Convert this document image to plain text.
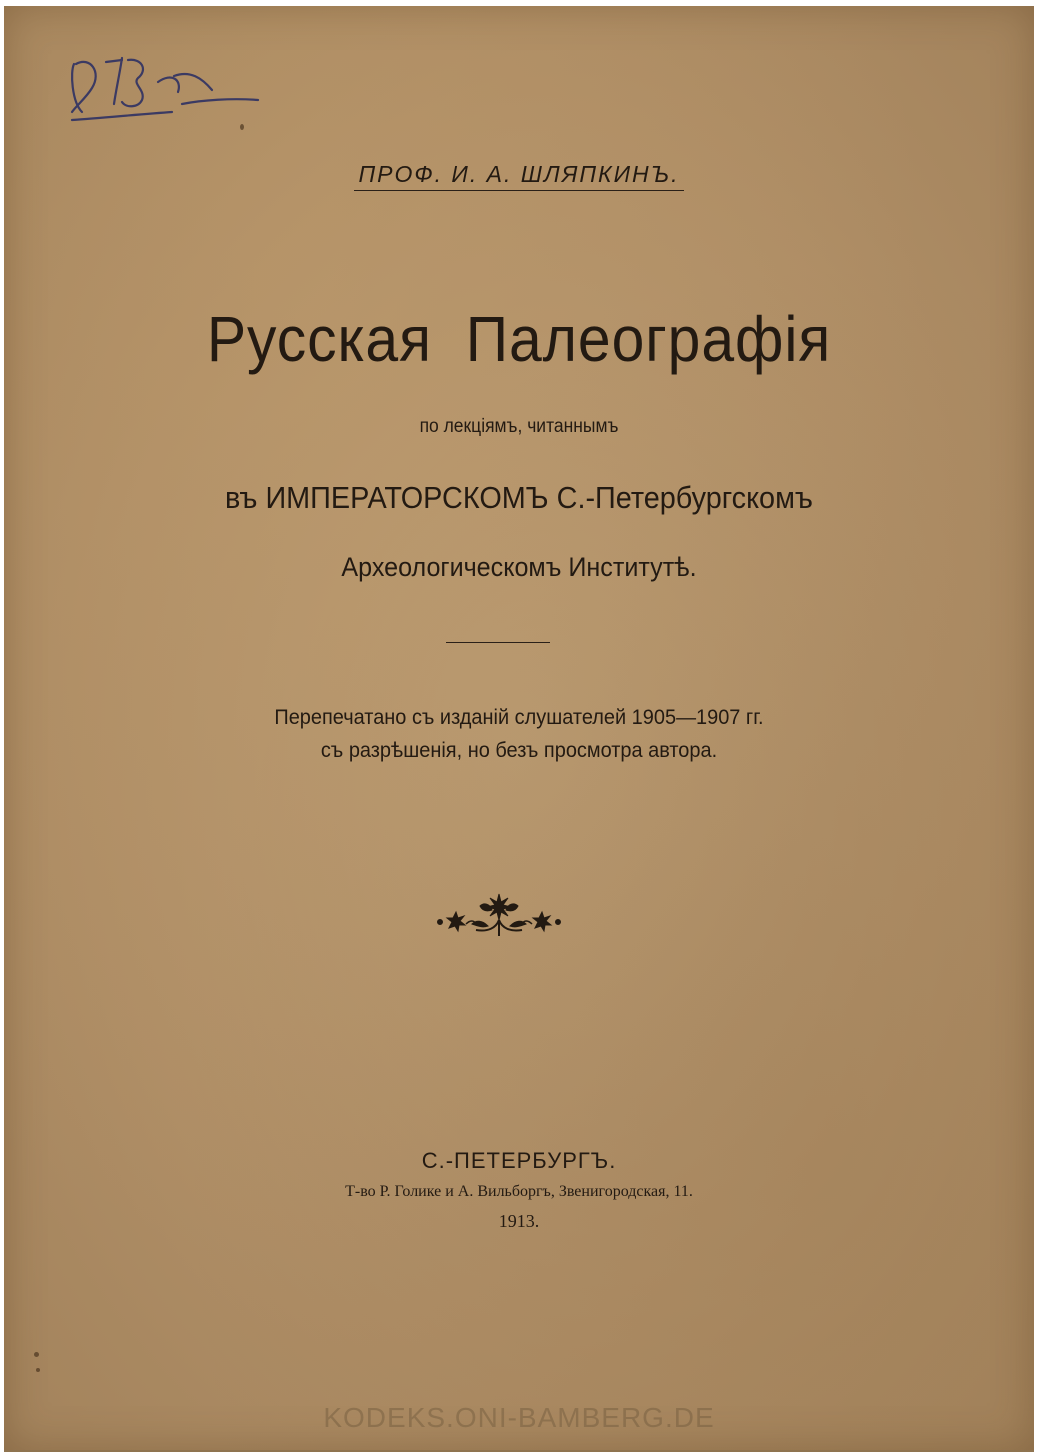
ПРОФ. И. А. ШЛЯПКИНЪ.
Русская Палеографія
по лекціямъ, читаннымъ
въ ИМПЕРАТОРСКОМЪ С.-Петербургскомъ
Археологическомъ Институтѣ.
Перепечатано съ изданій слушателей 1905—1907 гг.
съ разрѣшенія, но безъ просмотра автора.
С.-ПЕТЕРБУРГЪ.
Т-во Р. Голике и А. Вильборгъ, Звенигородская, 11.
1913.
KODEKS.ONI-BAMBERG.DE
